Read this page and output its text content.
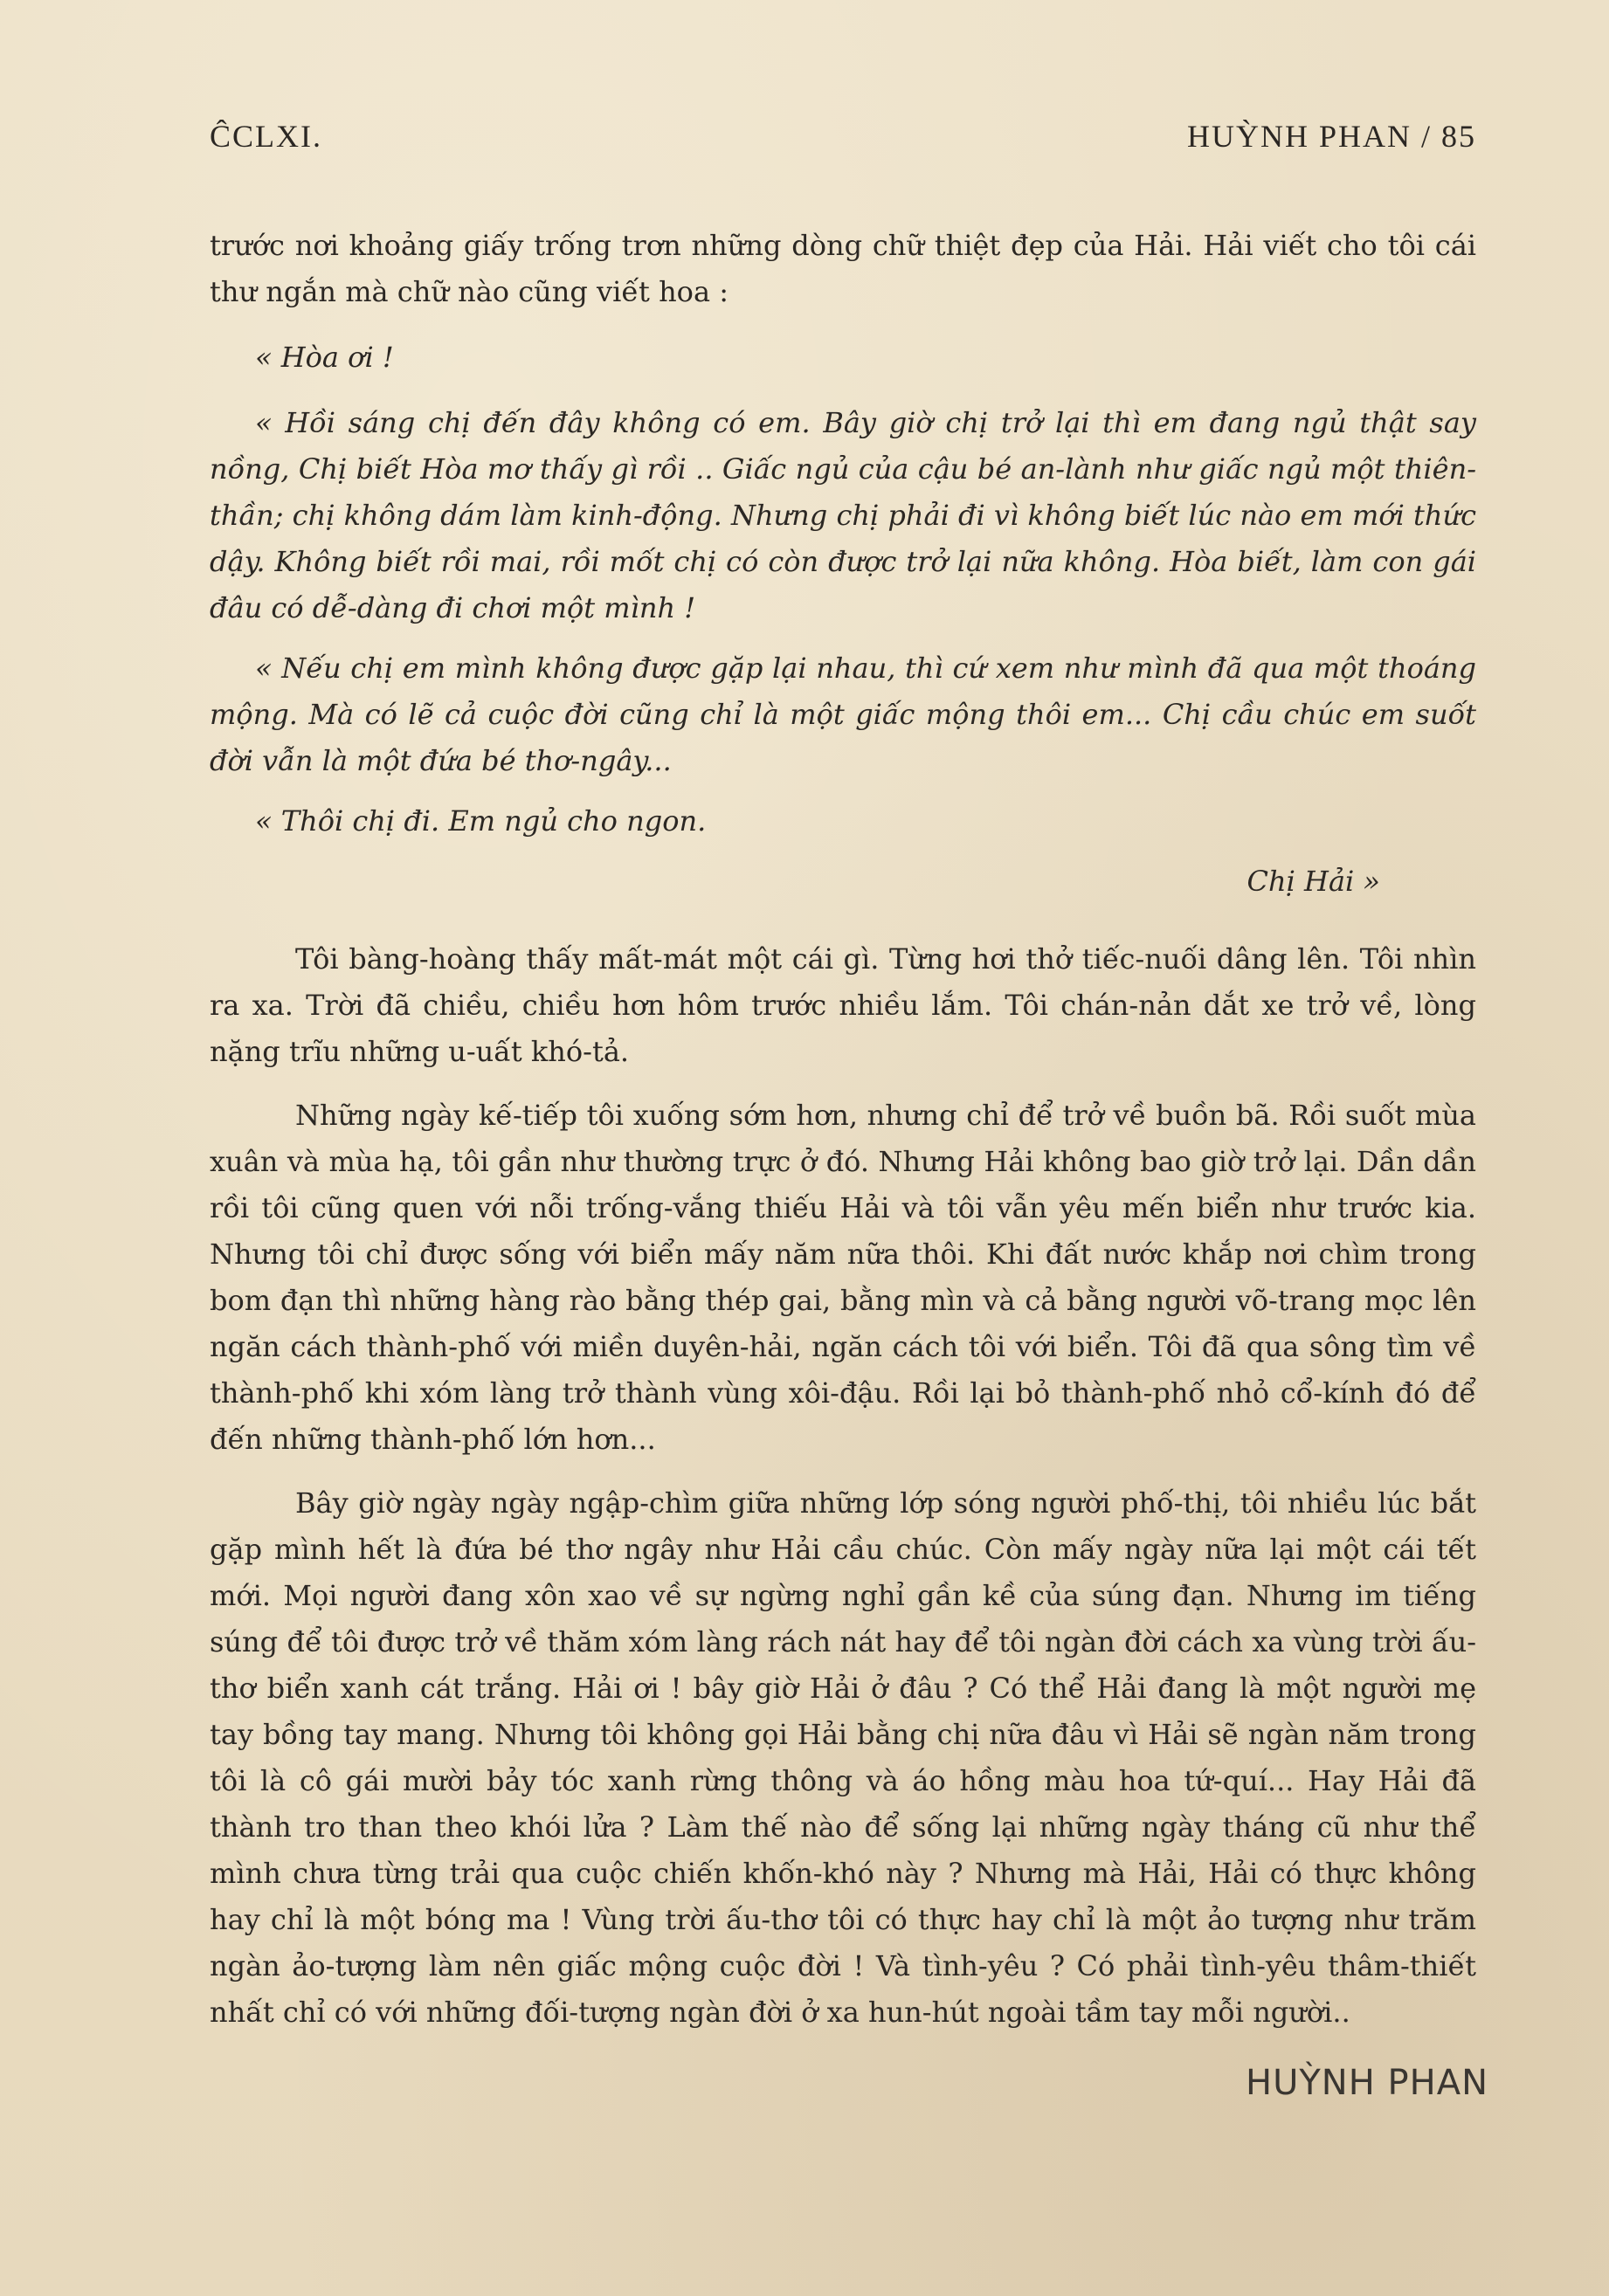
ĈCLXI.	HUỲNH PHAN / 85

trước nơi khoảng giấy trống trơn những dòng chữ thiệt đẹp của Hải. Hải viết cho tôi cái thư ngắn mà chữ nào cũng viết hoa :

« Hòa ơi !

« Hồi sáng chị đến đây không có em. Bây giờ chị trở lại thì em đang ngủ thật say nồng, Chị biết Hòa mơ thấy gì rồi .. Giấc ngủ của cậu bé an-lành như giấc ngủ một thiên-thần; chị không dám làm kinh-động. Nhưng chị phải đi vì không biết lúc nào em mới thức dậy. Không biết rồi mai, rồi mốt chị có còn được trở lại nữa không. Hòa biết, làm con gái đâu có dễ-dàng đi chơi một mình !

« Nếu chị em mình không được gặp lại nhau, thì cứ xem như mình đã qua một thoáng mộng. Mà có lẽ cả cuộc đời cũng chỉ là một giấc mộng thôi em... Chị cầu chúc em suốt đời vẫn là một đứa bé thơ-ngây...

« Thôi chị đi. Em ngủ cho ngon.

Chị Hải »

Tôi bàng-hoàng thấy mất-mát một cái gì. Từng hơi thở tiếc-nuối dâng lên. Tôi nhìn ra xa. Trời đã chiều, chiều hơn hôm trước nhiều lắm. Tôi chán-nản dắt xe trở về, lòng nặng trĩu những u-uất khó-tả.

Những ngày kế-tiếp tôi xuống sớm hơn, nhưng chỉ để trở về buồn bã. Rồi suốt mùa xuân và mùa hạ, tôi gần như thường trực ở đó. Nhưng Hải không bao giờ trở lại. Dần dần rồi tôi cũng quen với nỗi trống-vắng thiếu Hải và tôi vẫn yêu mến biển như trước kia. Nhưng tôi chỉ được sống với biển mấy năm nữa thôi. Khi đất nước khắp nơi chìm trong bom đạn thì những hàng rào bằng thép gai, bằng mìn và cả bằng người võ-trang mọc lên ngăn cách thành-phố với miền duyên-hải, ngăn cách tôi với biển. Tôi đã qua sông tìm về thành-phố khi xóm làng trở thành vùng xôi-đậu. Rồi lại bỏ thành-phố nhỏ cổ-kính đó để đến những thành-phố lớn hơn...

Bây giờ ngày ngày ngập-chìm giữa những lớp sóng người phố-thị, tôi nhiều lúc bắt gặp mình hết là đứa bé thơ ngây như Hải cầu chúc. Còn mấy ngày nữa lại một cái tết mới. Mọi người đang xôn xao về sự ngừng nghỉ gần kề của súng đạn. Nhưng im tiếng súng để tôi được trở về thăm xóm làng rách nát hay để tôi ngàn đời cách xa vùng trời ấu-thơ biển xanh cát trắng. Hải ơi ! bây giờ Hải ở đâu ? Có thể Hải đang là một người mẹ tay bồng tay mang. Nhưng tôi không gọi Hải bằng chị nữa đâu vì Hải sẽ ngàn năm trong tôi là cô gái mười bảy tóc xanh rừng thông và áo hồng màu hoa tứ-quí... Hay Hải đã thành tro than theo khói lửa ? Làm thế nào để sống lại những ngày tháng cũ như thể mình chưa từng trải qua cuộc chiến khốn-khó này ? Nhưng mà Hải, Hải có thực không hay chỉ là một bóng ma ! Vùng trời ấu-thơ tôi có thực hay chỉ là một ảo tượng như trăm ngàn ảo-tượng làm nên giấc mộng cuộc đời ! Và tình-yêu ? Có phải tình-yêu thâm-thiết nhất chỉ có với những đối-tượng ngàn đời ở xa hun-hút ngoài tầm tay mỗi người..

HUỲNH PHAN
